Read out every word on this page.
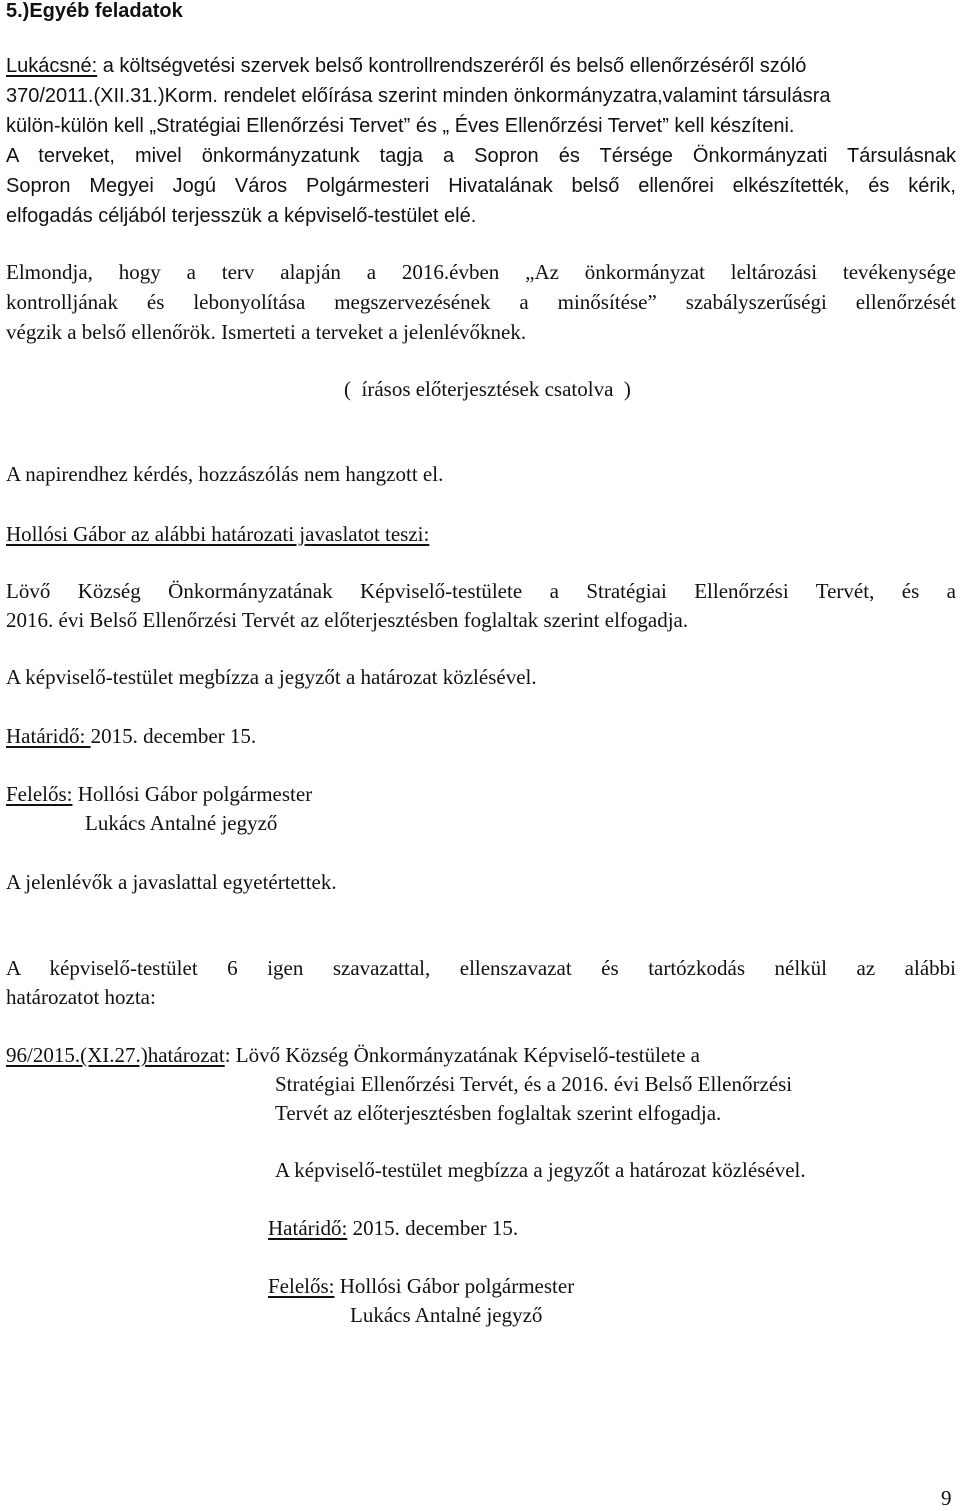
5.)Egyéb feladatok
Lukácsné: a költségvetési szervek belső kontrollrendszeréről és belső ellenőrzéséről szóló
370/2011.(XII.31.)Korm. rendelet előírása szerint minden önkormányzatra,valamint társulásra
külön-külön kell „Stratégiai Ellenőrzési Tervet” és „ Éves Ellenőrzési Tervet” kell készíteni.
A terveket, mivel önkormányzatunk tagja a Sopron és Térsége Önkormányzati Társulásnak
Sopron Megyei Jogú Város Polgármesteri Hivatalának belső ellenőrei elkészítették, és kérik,
elfogadás céljából terjesszük a képviselő-testület elé.
Elmondja, hogy a terv alapján a 2016.évben „Az önkormányzat leltározási tevékenysége
kontrolljának és lebonyolítása megszervezésének a minősítése” szabályszerűségi ellenőrzését
végzik a belső ellenőrök. Ismerteti a terveket a jelenlévőknek.
(  írásos előterjesztések csatolva  )
A napirendhez kérdés, hozzászólás nem hangzott el.
Hollósi Gábor az alábbi határozati javaslatot teszi:
Lövő Község Önkormányzatának Képviselő-testülete a Stratégiai Ellenőrzési Tervét, és a
2016. évi Belső Ellenőrzési Tervét az előterjesztésben foglaltak szerint elfogadja.
A képviselő-testület megbízza a jegyzőt a határozat közlésével.
Határidő: 2015. december 15.
Felelős: Hollósi Gábor polgármester
Lukács Antalné jegyző
A jelenlévők a javaslattal egyetértettek.
A képviselő-testület 6 igen szavazattal, ellenszavazat és tartózkodás nélkül az alábbi
határozatot hozta:
96/2015.(XI.27.)határozat: Lövő Község Önkormányzatának Képviselő-testülete a
Stratégiai Ellenőrzési Tervét, és a 2016. évi Belső Ellenőrzési
Tervét az előterjesztésben foglaltak szerint elfogadja.
A képviselő-testület megbízza a jegyzőt a határozat közlésével.
Határidő: 2015. december 15.
Felelős: Hollósi Gábor polgármester
Lukács Antalné jegyző
9
